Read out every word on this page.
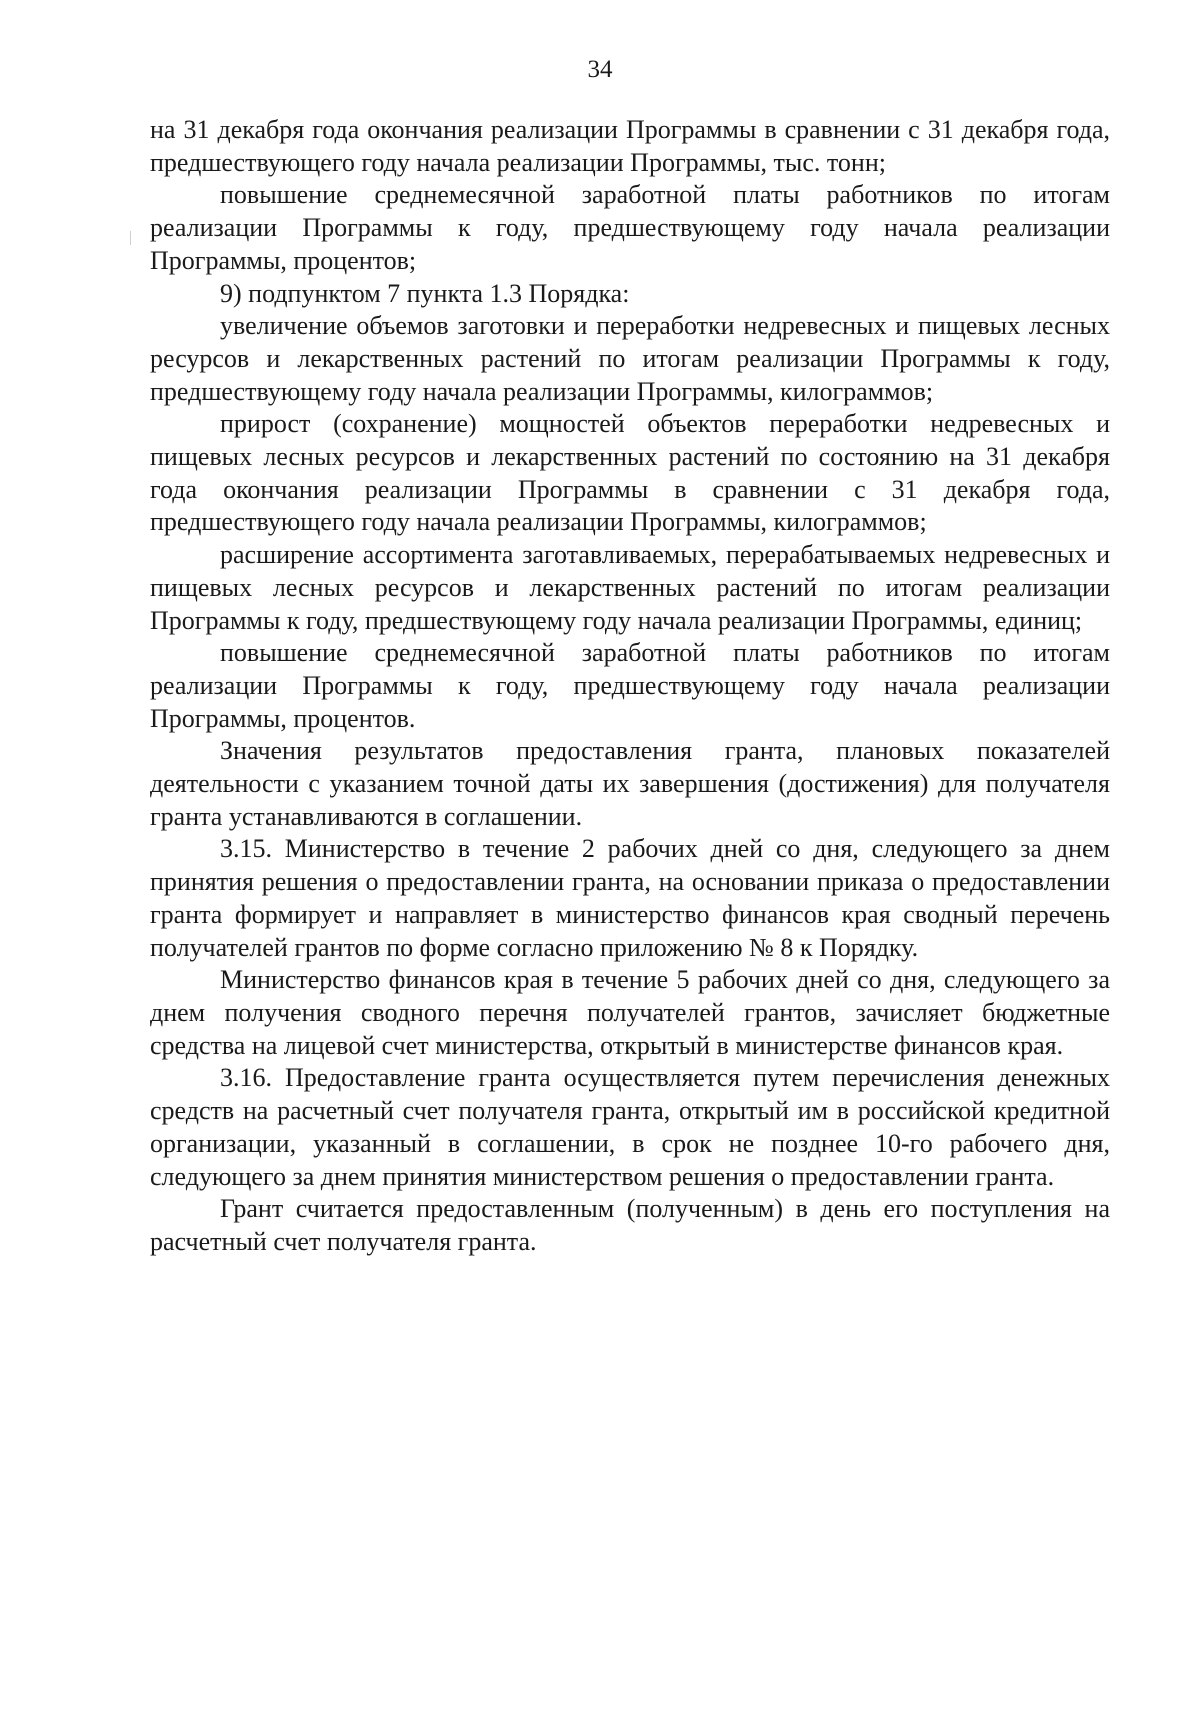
34

на 31 декабря года окончания реализации Программы в сравнении с 31 декабря года, предшествующего году начала реализации Программы, тыс. тонн;

повышение среднемесячной заработной платы работников по итогам реализации Программы к году, предшествующему году начала реализации Программы, процентов;

9) подпунктом 7 пункта 1.3 Порядка:

увеличение объемов заготовки и переработки недревесных и пищевых лесных ресурсов и лекарственных растений по итогам реализации Программы к году, предшествующему году начала реализации Программы, килограммов;

прирост (сохранение) мощностей объектов переработки недревесных и пищевых лесных ресурсов и лекарственных растений по состоянию на 31 декабря года окончания реализации Программы в сравнении с 31 декабря года, предшествующего году начала реализации Программы, килограммов;

расширение ассортимента заготавливаемых, перерабатываемых недревесных и пищевых лесных ресурсов и лекарственных растений по итогам реализации Программы к году, предшествующему году начала реализации Программы, единиц;

повышение среднемесячной заработной платы работников по итогам реализации Программы к году, предшествующему году начала реализации Программы, процентов.

Значения результатов предоставления гранта, плановых показателей деятельности с указанием точной даты их завершения (достижения) для получателя гранта устанавливаются в соглашении.

3.15. Министерство в течение 2 рабочих дней со дня, следующего за днем принятия решения о предоставлении гранта, на основании приказа о предоставлении гранта формирует и направляет в министерство финансов края сводный перечень получателей грантов по форме согласно приложению № 8 к Порядку.

Министерство финансов края в течение 5 рабочих дней со дня, следующего за днем получения сводного перечня получателей грантов, зачисляет бюджетные средства на лицевой счет министерства, открытый в министерстве финансов края.

3.16. Предоставление гранта осуществляется путем перечисления денежных средств на расчетный счет получателя гранта, открытый им в российской кредитной организации, указанный в соглашении, в срок не позднее 10-го рабочего дня, следующего за днем принятия министерством решения о предоставлении гранта.

Грант считается предоставленным (полученным) в день его поступления на расчетный счет получателя гранта.
